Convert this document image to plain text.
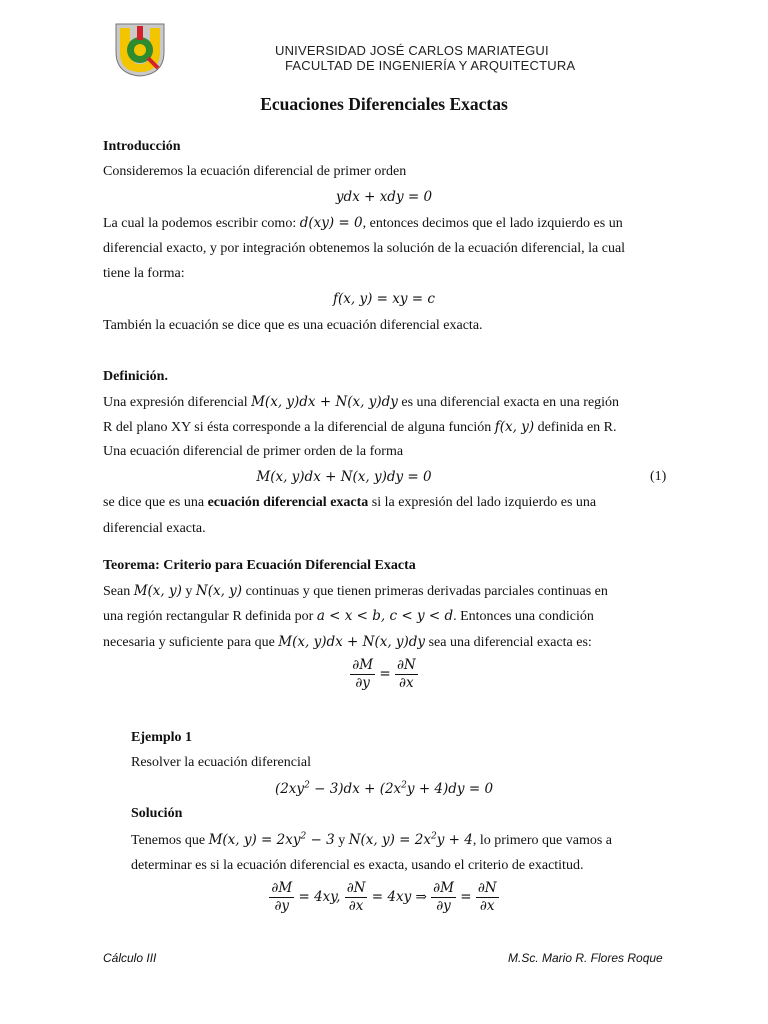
UNIVERSIDAD JOSÉ CARLOS MARIATEGUI
FACULTAD DE INGENIERÍA Y ARQUITECTURA
Ecuaciones Diferenciales Exactas
Introducción
Consideremos la ecuación diferencial de primer orden
ydx + xdy = 0
La cual la podemos escribir como: d(xy) = 0, entonces decimos que el lado izquierdo es un
diferencial exacto, y por integración obtenemos la solución de la ecuación diferencial, la cual
tiene la forma:
f(x, y) = xy = c
También la ecuación se dice que es una ecuación diferencial exacta.
Definición.
Una expresión diferencial M(x, y)dx + N(x, y)dy es una diferencial exacta en una región
R del plano XY si ésta corresponde a la diferencial de alguna función f(x, y) definida en R.
Una ecuación diferencial de primer orden de la forma
M(x, y)dx + N(x, y)dy = 0	(1)
se dice que es una ecuación diferencial exacta si la expresión del lado izquierdo es una
diferencial exacta.
Teorema: Criterio para Ecuación Diferencial Exacta
Sean M(x, y) y N(x, y) continuas y que tienen primeras derivadas parciales continuas en
una región rectangular R definida por a < x < b, c < y < d. Entonces una condición
necesaria y suficiente para que M(x, y)dx + N(x, y)dy sea una diferencial exacta es:
$\frac{\partial M}{\partial y} = \frac{\partial N}{\partial x}$
Ejemplo 1
Resolver la ecuación diferencial
$(2xy^2 - 3)dx + (2x^2y + 4)dy = 0$
Solución
Tenemos que M(x, $y) = 2xy^2 - 3$ y N(x, $y) = 2x^2y + 4$, lo primero que vamos a
determinar es si la ecuación diferencial es exacta, usando el criterio de exactitud.
$\frac{\partial M}{\partial y} = 4xy$, $\frac{\partial N}{\partial x} = 4xy$ ⇒ $\frac{\partial M}{\partial y} = \frac{\partial N}{\partial x}$
Cálculo III	M.Sc. Mario R. Flores Roque
